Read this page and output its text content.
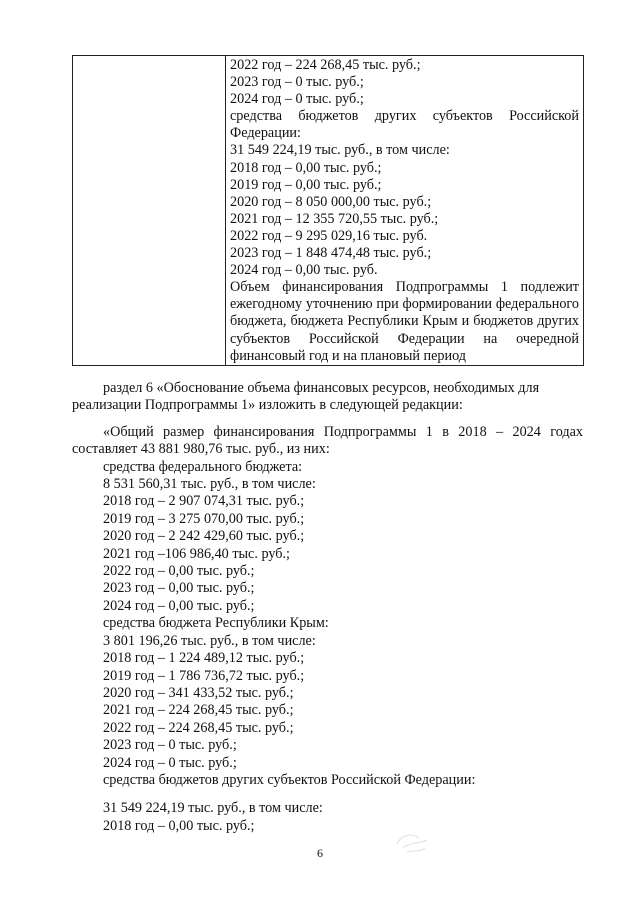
2022 год – 224 268,45 тыс. руб.;
2023 год – 0 тыс. руб.;
2024 год – 0 тыс. руб.;
средства бюджетов других субъектов Российской Федерации:
31 549 224,19 тыс. руб., в том числе:
2018 год – 0,00 тыс. руб.;
2019 год – 0,00 тыс. руб.;
2020 год – 8 050 000,00 тыс. руб.;
2021 год – 12 355 720,55 тыс. руб.;
2022 год – 9 295 029,16 тыс. руб.
2023 год – 1 848 474,48 тыс. руб.;
2024 год – 0,00 тыс. руб.
Объем финансирования Подпрограммы 1 подлежит ежегодному уточнению при формировании федерального бюджета, бюджета Республики Крым и бюджетов других субъектов Российской Федерации на очередной финансовый год и на плановый период
раздел 6 «Обоснование объема финансовых ресурсов, необходимых для
реализации Подпрограммы 1» изложить в следующей редакции:
«Общий размер финансирования Подпрограммы 1 в 2018 – 2024 годах
составляет 43 881 980,76 тыс. руб., из них:
средства федерального бюджета:
8 531 560,31 тыс. руб., в том числе:
2018 год – 2 907 074,31 тыс. руб.;
2019 год – 3 275 070,00 тыс. руб.;
2020 год – 2 242 429,60 тыс. руб.;
2021 год –106 986,40 тыс. руб.;
2022 год – 0,00 тыс. руб.;
2023 год – 0,00 тыс. руб.;
2024 год – 0,00 тыс. руб.;
средства бюджета Республики Крым:
3 801 196,26 тыс. руб., в том числе:
2018 год – 1 224 489,12 тыс. руб.;
2019 год – 1 786 736,72 тыс. руб.;
2020 год – 341 433,52 тыс. руб.;
2021 год – 224 268,45 тыс. руб.;
2022 год – 224 268,45 тыс. руб.;
2023 год – 0 тыс. руб.;
2024 год – 0 тыс. руб.;
средства бюджетов других субъектов Российской Федерации:
31 549 224,19 тыс. руб., в том числе:
2018 год – 0,00 тыс. руб.;
6
